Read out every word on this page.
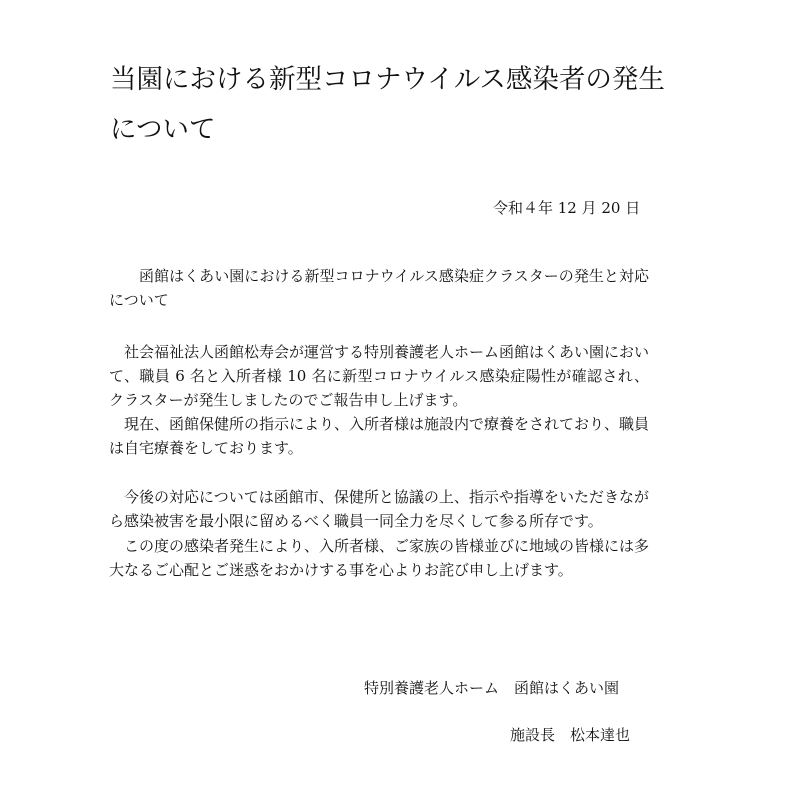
当園における新型コロナウイルス感染者の発生について
令和４年 12 月 20 日

函館はくあい園における新型コロナウイルス感染症クラスターの発生と対応について

社会福祉法人函館松寿会が運営する特別養護老人ホーム函館はくあい園において、職員 6 名と入所者様 10 名に新型コロナウイルス感染症陽性が確認され、クラスターが発生しましたのでご報告申し上げます。

現在、函館保健所の指示により、入所者様は施設内で療養をされており、職員は自宅療養をしております。

今後の対応については函館市、保健所と協議の上、指示や指導をいただきながら感染被害を最小限に留めるべく職員一同全力を尽くして参る所存です。

この度の感染者発生により、入所者様、ご家族の皆様並びに地域の皆様には多大なるご心配とご迷惑をおかけする事を心よりお詫び申し上げます。

特別養護老人ホーム　函館はくあい園
施設長　松本達也
